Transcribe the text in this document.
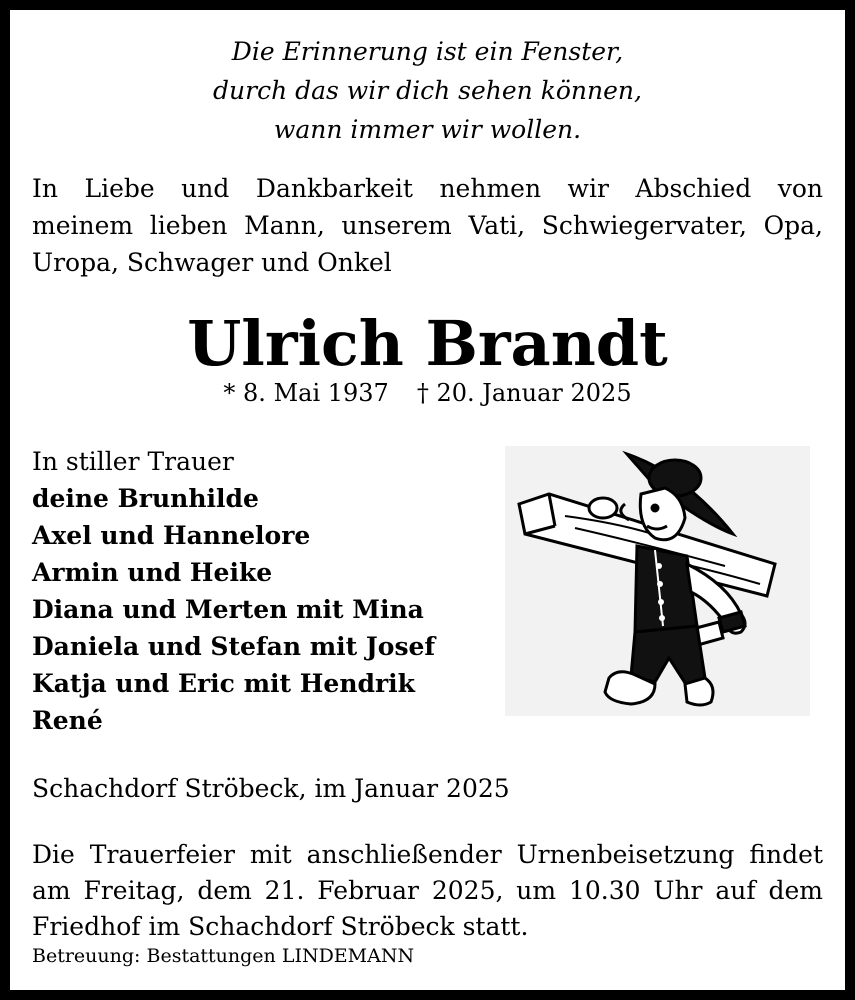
Die Erinnerung ist ein Fenster,
durch das wir dich sehen können,
wann immer wir wollen.
In Liebe und Dankbarkeit nehmen wir Abschied von
meinem lieben Mann, unserem Vati, Schwiegervater, Opa,
Uropa, Schwager und Onkel
Ulrich Brandt
* 8. Mai 1937 † 20. Januar 2025
In stiller Trauer
deine Brunhilde
Axel und Hannelore
Armin und Heike
Diana und Merten mit Mina
Daniela und Stefan mit Josef
Katja und Eric mit Hendrik
René
Schachdorf Ströbeck, im Januar 2025
Die Trauerfeier mit anschließender Urnenbeisetzung findet
am Freitag, dem 21. Februar 2025, um 10.30 Uhr auf dem
Friedhof im Schachdorf Ströbeck statt.
Betreuung: Bestattungen LINDEMANN
